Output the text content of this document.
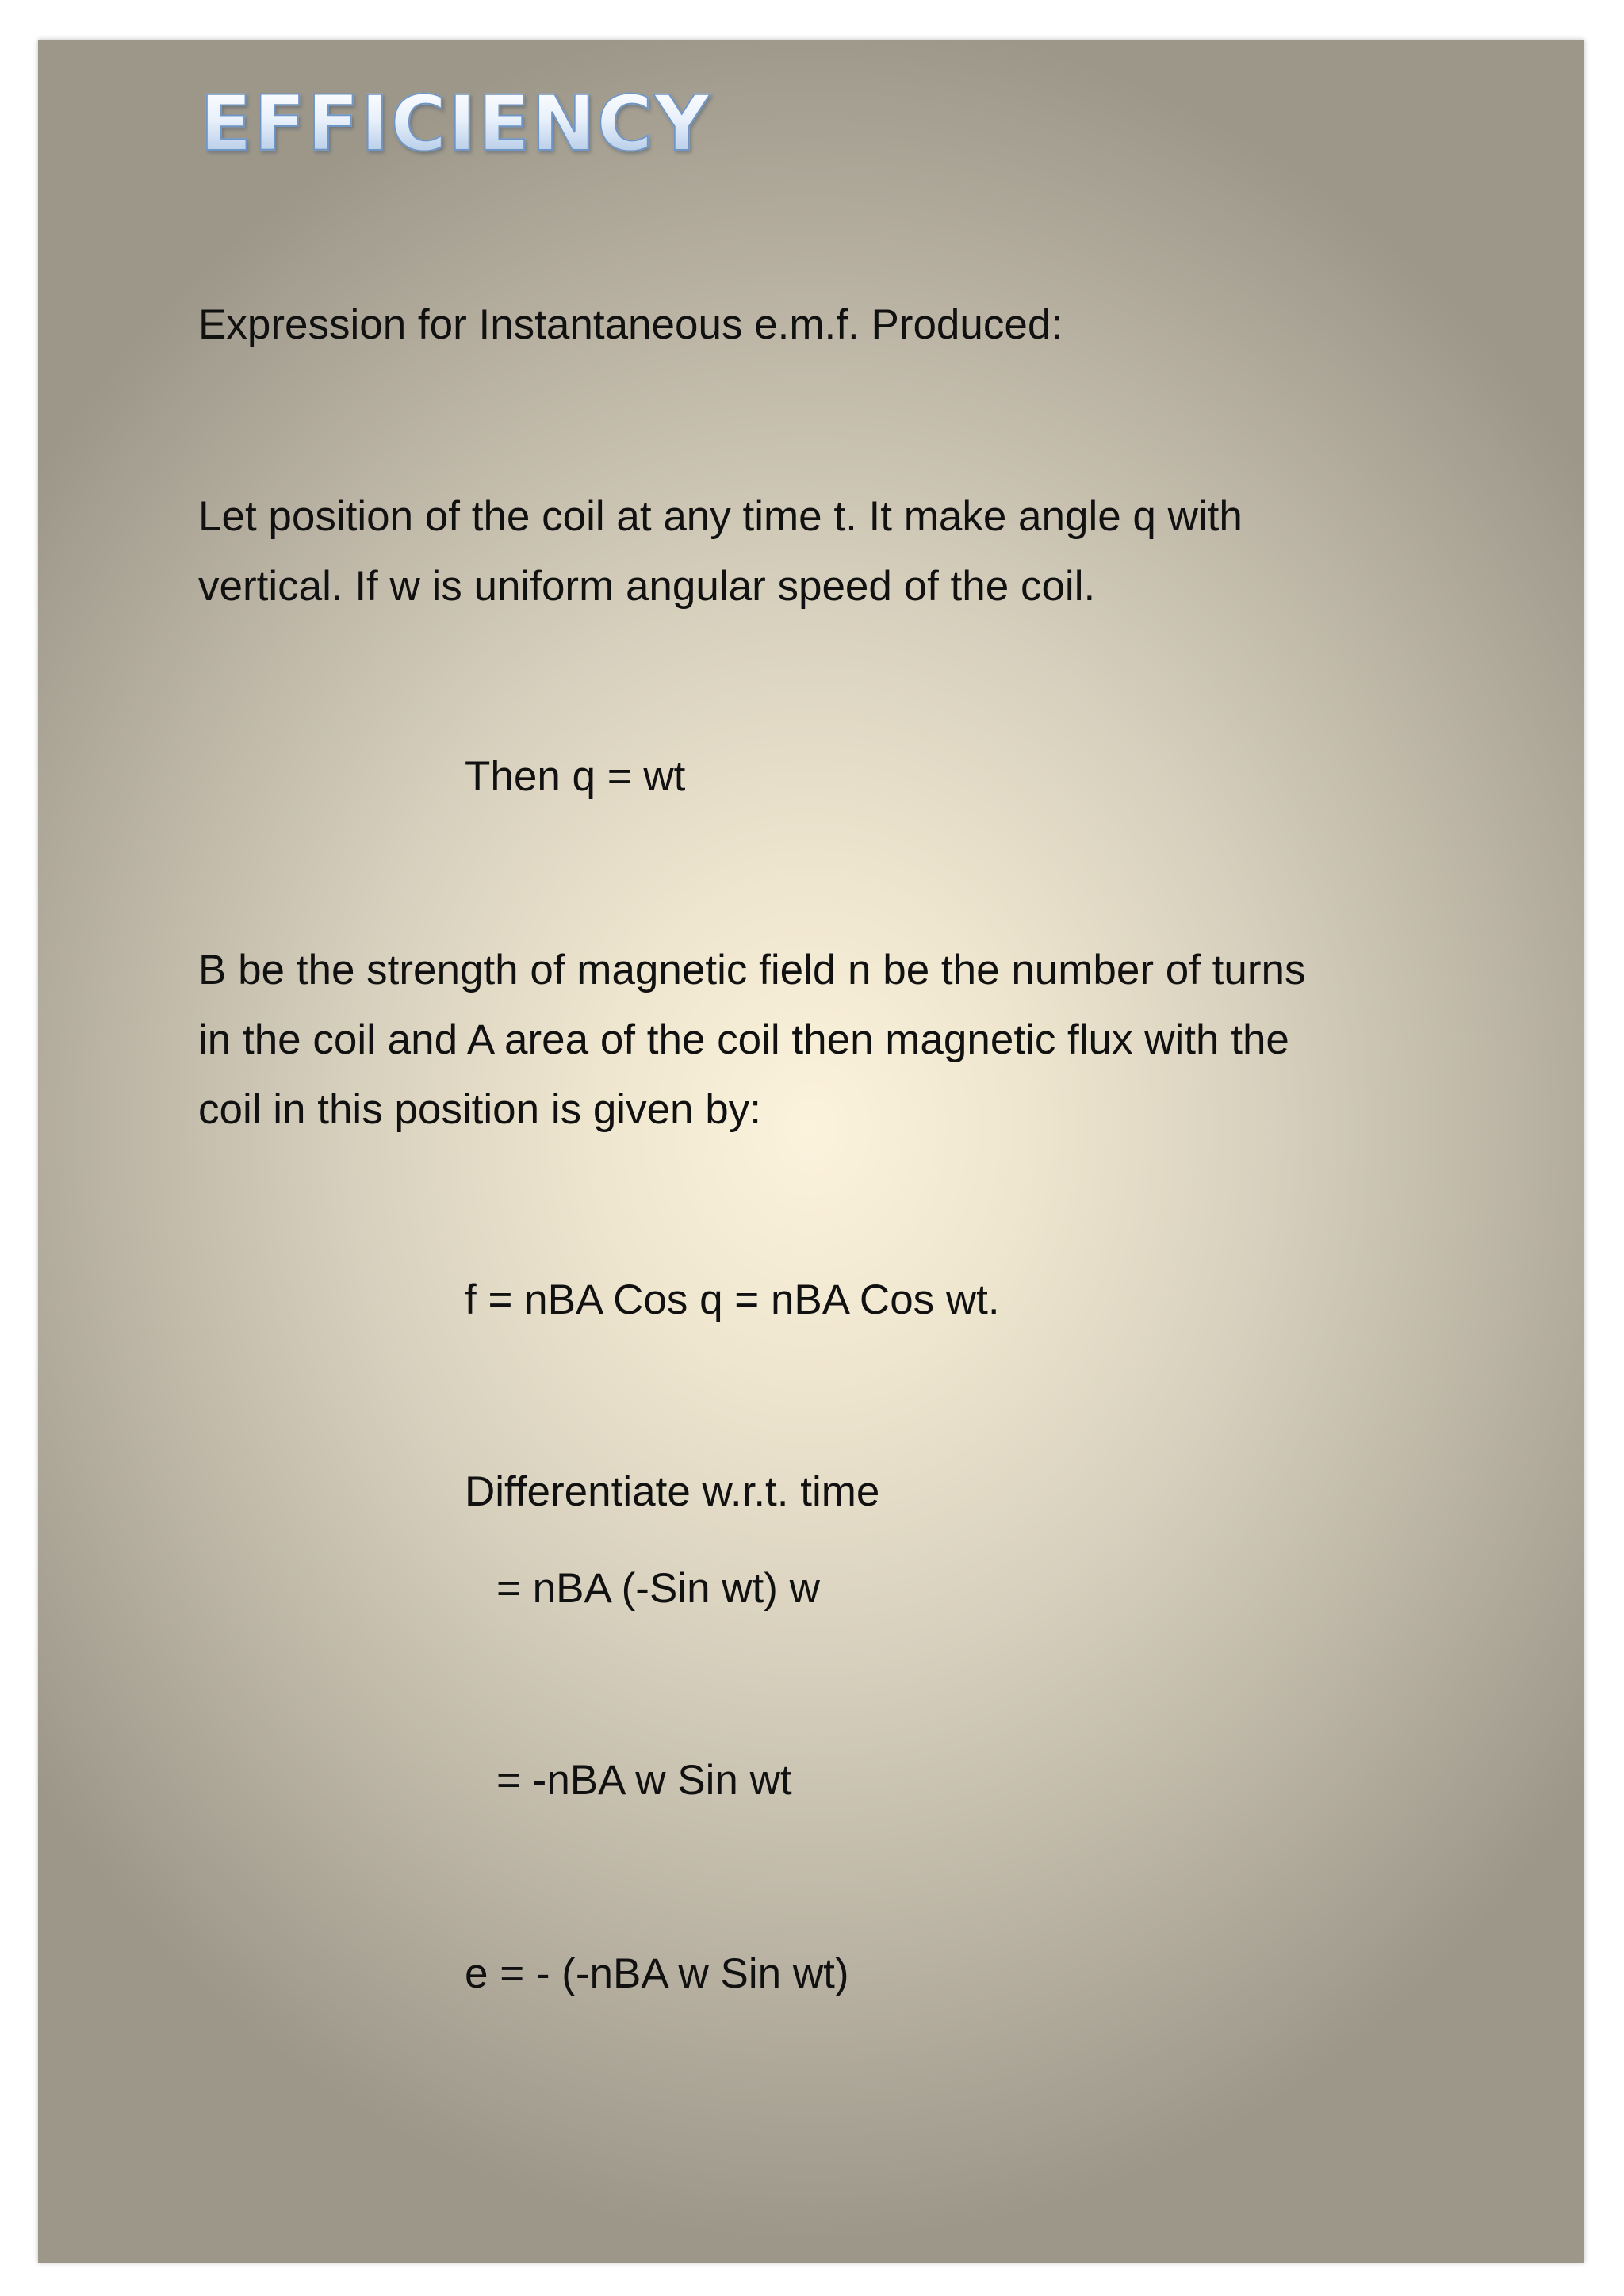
EFFICIENCY

Expression for Instantaneous e.m.f. Produced:

Let position of the coil at any time t. It make angle q with
vertical. If w is uniform angular speed of the coil.

Then q = wt

B be the strength of magnetic field n be the number of turns
in the coil and A area of the coil then magnetic flux with the
coil in this position is given by:

f = nBA Cos q = nBA Cos wt.

Differentiate w.r.t. time

= nBA (-Sin wt) w

= -nBA w Sin wt

e = - (-nBA w Sin wt)
